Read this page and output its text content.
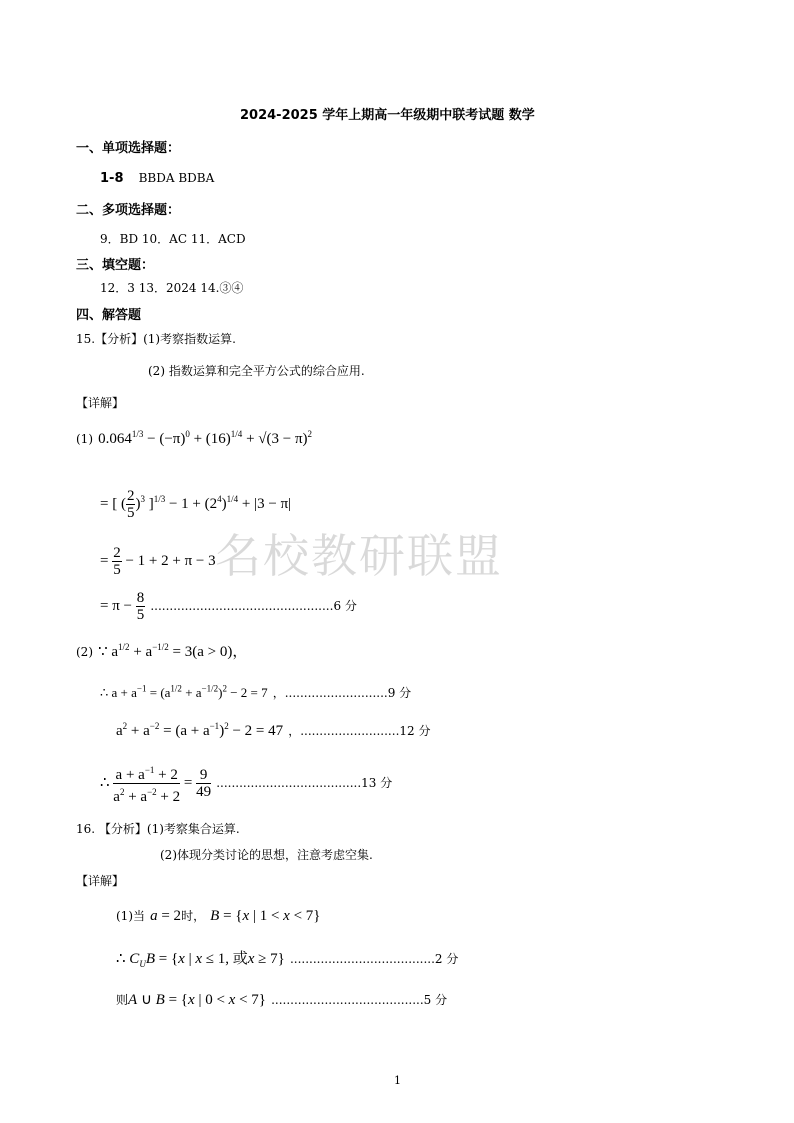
名校教研联盟
2024-2025 学年上期高一年级期中联考试题 数学
一、单项选择题：
1-8 BBDA BDBA
二、多项选择题：
9．BD 10．AC 11．ACD
三、填空题：
12．3 13．2024 14.③④
四、解答题
15.【分析】(1)考察指数运算.
(2) 指数运算和完全平方公式的综合应用.
【详解】
(1) $0.064^{1/3} - (-\pi)^0 + (16)^{1/4} + √(3 - \pi)^2$
= [ ( $\frac{2}{5} )^3$ ]$^{1/3} - 1 + (2^4)^{1/4} + |3 - \pi|$
= $\frac{2}{5} - 1 + 2 + \pi - 3$
= $\pi - \frac{8}{5} ................................................6$ 分
(2) ∵ $a^{1/2} + a^{-1/2} = 3(a > 0)$，
∴ $a + a^{-1} = (a^{1/2} + a^{-1/2})^2 - 2 = 7$ ，...........................9 分
$a^2 + a^{-2} = (a + a^{-1})^2 - 2 = 47$ ，..........................12 分
∴ $\frac{a + a^{-1} + 2}{a^2 + a^{-2} + 2} = \frac{9}{49} ......................................13$ 分
16. 【分析】(1)考察集合运算.
(2)体现分类讨论的思想，注意考虑空集.
【详解】
(1)当 a = 2时， B = {x | 1 < x < 7}
∴ $C_UB = \{x$ | x ≤ 1, 或x ≥ 7} ......................................2 分
则A ∪ B = {x | 0 < x < 7} ........................................5 分
1
